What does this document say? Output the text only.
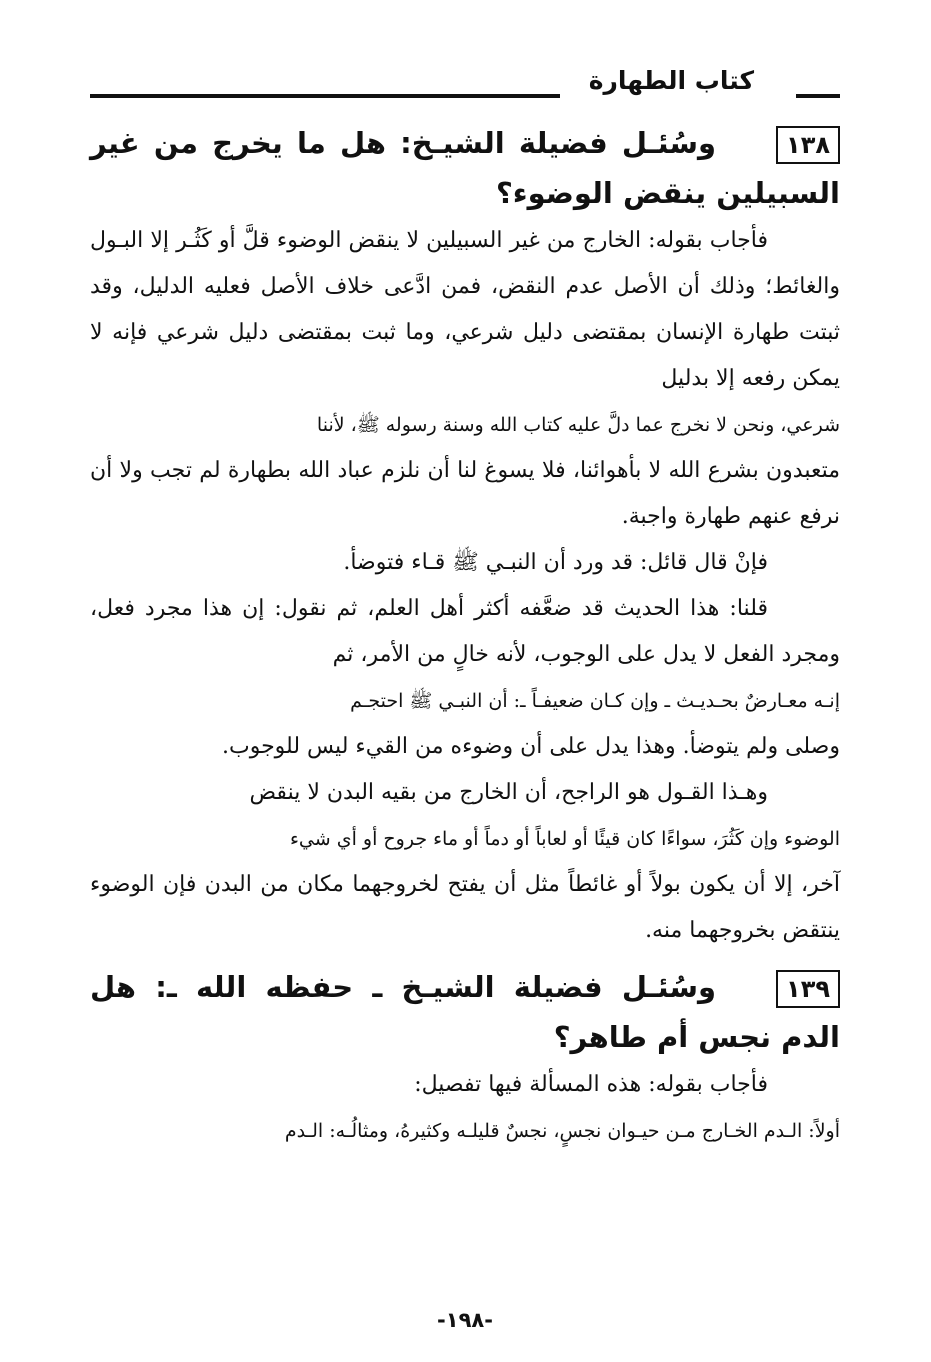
كتاب الطهارة
١٣٨وسُئـل فضيلة الشيـخ: هل ما يخرج من غير السبيلين ينقض الوضوء؟

فأجاب بقوله: الخارج من غير السبيلين لا ينقض الوضوء قلَّ أو كَثُـر إلا البـول والغائط؛ وذلك أن الأصل عدم النقض، فمن ادَّعى خلاف الأصل فعليه الدليل، وقد ثبتت طهارة الإنسان بمقتضى دليل شرعي، وما ثبت بمقتضى دليل شرعي فإنه لا يمكن رفعه إلا بدليل

شرعي، ونحن لا نخرج عما دلَّ عليه كتاب الله وسنة رسوله ﷺ، لأننا

متعبدون بشرع الله لا بأهوائنا، فلا يسوغ لنا أن نلزم عباد الله بطهارة لم تجب ولا أن نرفع عنهم طهارة واجبة.

فإنْ قال قائل: قد ورد أن النبـي ﷺ قـاء فتوضأ.

قلنا: هذا الحديث قد ضعَّفه أكثر أهل العلم، ثم نقول: إن هذا مجرد فعل، ومجرد الفعل لا يدل على الوجوب، لأنه خالٍ من الأمر، ثم

إنـه معـارضٌ بحـديـث ـ وإن كـان ضعيفـاً ـ: أن النبـي ﷺ احتجـم

وصلى ولم يتوضأ. وهذا يدل على أن وضوءه من القيء ليس للوجوب.

وهـذا القـول هو الراجح، أن الخارج من بقيه البدن لا ينقض

الوضوء وإن كَثُرَ، سواءًا كان قيئًا أو لعاباً أو دماً أو ماء جروح أو أي شيء

آخر، إلا أن يكون بولاً أو غائطاً مثل أن يفتح لخروجهما مكان من البدن فإن الوضوء ينتقض بخروجهما منه.

١٣٩وسُئـل فضيلة الشيـخ ـ حفظه الله ـ: هل الدم نجس أم طاهر؟

فأجاب بقوله: هذه المسألة فيها تفصيل:

أولاً: الـدم الخـارج مـن حيـوان نجسٍ، نجسٌ قليلـه وكثيرهُ، ومثالُـه: الـدم

-١٩٨-
